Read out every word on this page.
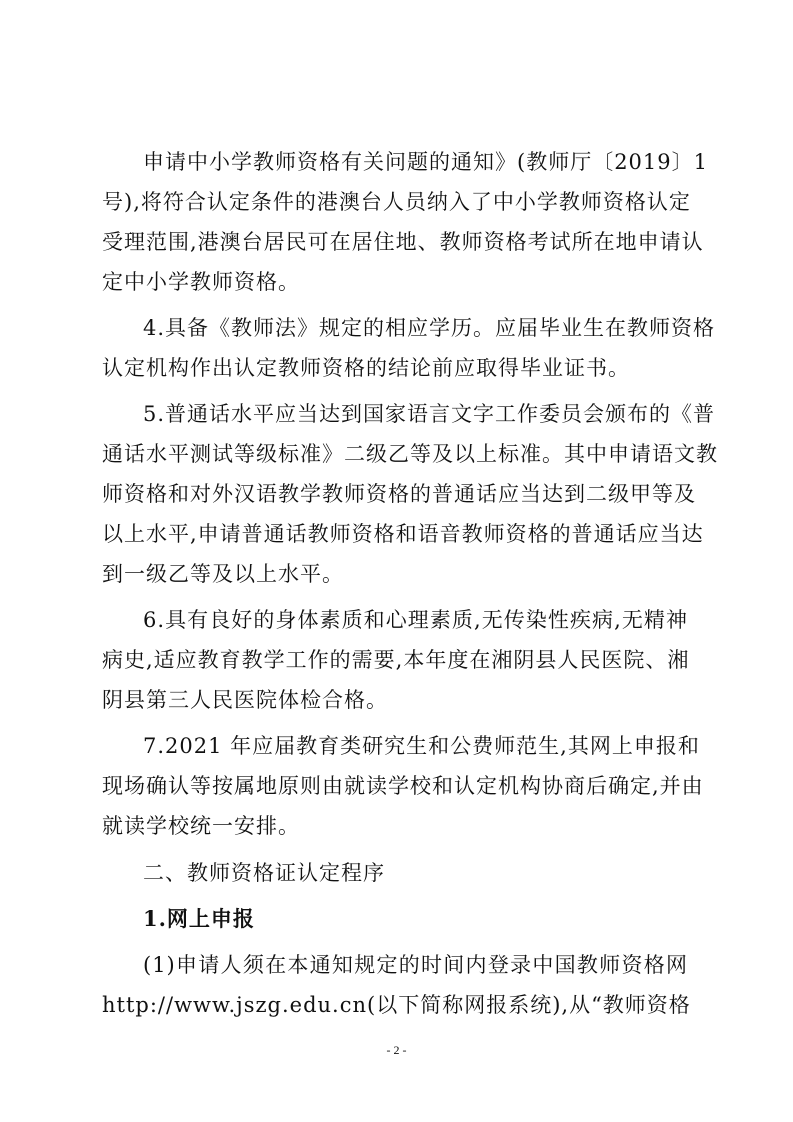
申请中小学教师资格有关问题的通知》(教师厅〔2019〕1
号),将符合认定条件的港澳台人员纳入了中小学教师资格认定
受理范围,港澳台居民可在居住地、教师资格考试所在地申请认
定中小学教师资格。
4.具备《教师法》规定的相应学历。应届毕业生在教师资格
认定机构作出认定教师资格的结论前应取得毕业证书。
5.普通话水平应当达到国家语言文字工作委员会颁布的《普
通话水平测试等级标准》二级乙等及以上标准。其中申请语文教
师资格和对外汉语教学教师资格的普通话应当达到二级甲等及
以上水平,申请普通话教师资格和语音教师资格的普通话应当达
到一级乙等及以上水平。
6.具有良好的身体素质和心理素质,无传染性疾病,无精神
病史,适应教育教学工作的需要,本年度在湘阴县人民医院、湘
阴县第三人民医院体检合格。
7.2021 年应届教育类研究生和公费师范生,其网上申报和
现场确认等按属地原则由就读学校和认定机构协商后确定,并由
就读学校统一安排。
二、教师资格证认定程序
1.网上申报
(1)申请人须在本通知规定的时间内登录中国教师资格网
http://www.jszg.edu.cn(以下简称网报系统),从“教师资格
- 2 -
